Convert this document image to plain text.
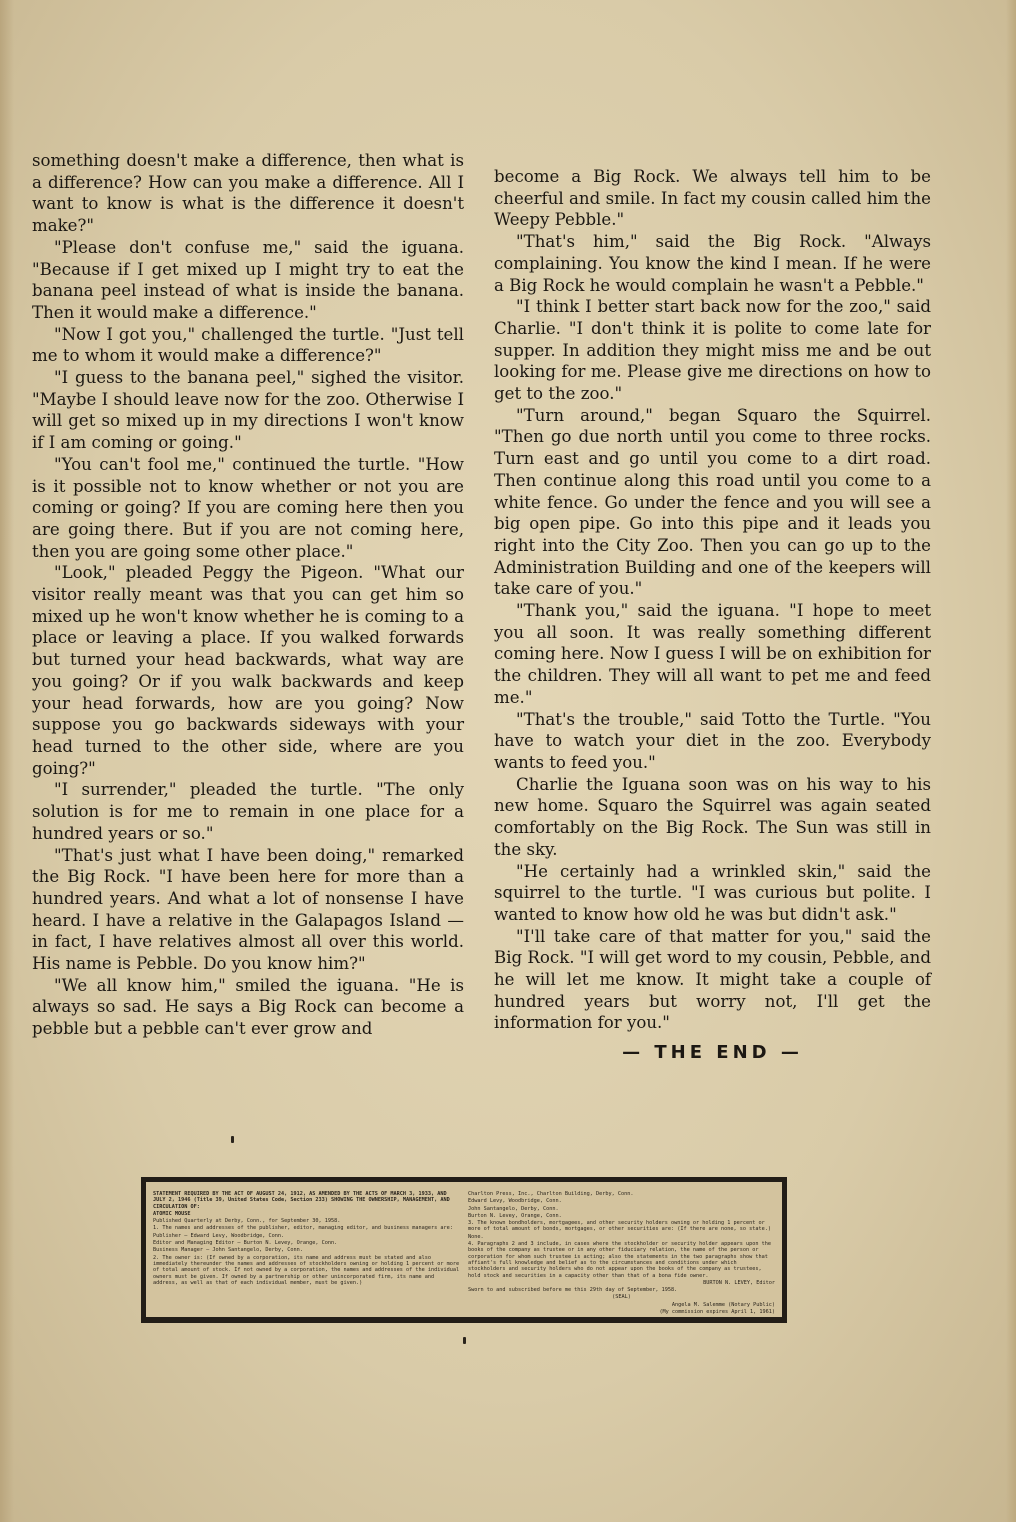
something doesn't make a difference, then what is a difference? How can you make a difference. All I want to know is what is the difference it doesn't make?"

"Please don't confuse me," said the iguana. "Because if I get mixed up I might try to eat the banana peel instead of what is inside the banana. Then it would make a difference."

"Now I got you," challenged the turtle. "Just tell me to whom it would make a difference?"

"I guess to the banana peel," sighed the visitor. "Maybe I should leave now for the zoo. Otherwise I will get so mixed up in my directions I won't know if I am coming or going."

"You can't fool me," continued the turtle. "How is it possible not to know whether or not you are coming or going? If you are coming here then you are going there. But if you are not coming here, then you are going some other place."

"Look," pleaded Peggy the Pigeon. "What our visitor really meant was that you can get him so mixed up he won't know whether he is coming to a place or leaving a place. If you walked forwards but turned your head backwards, what way are you going? Or if you walk backwards and keep your head forwards, how are you going? Now suppose you go backwards sideways with your head turned to the other side, where are you going?"

"I surrender," pleaded the turtle. "The only solution is for me to remain in one place for a hundred years or so."

"That's just what I have been doing," remarked the Big Rock. "I have been here for more than a hundred years. And what a lot of nonsense I have heard. I have a relative in the Galapagos Island — in fact, I have relatives almost all over this world. His name is Pebble. Do you know him?"

"We all know him," smiled the iguana. "He is always so sad. He says a Big Rock can become a pebble but a pebble can't ever grow and

become a Big Rock. We always tell him to be cheerful and smile. In fact my cousin called him the Weepy Pebble."

"That's him," said the Big Rock. "Always complaining. You know the kind I mean. If he were a Big Rock he would complain he wasn't a Pebble."

"I think I better start back now for the zoo," said Charlie. "I don't think it is polite to come late for supper. In addition they might miss me and be out looking for me. Please give me directions on how to get to the zoo."

"Turn around," began Squaro the Squirrel. "Then go due north until you come to three rocks. Turn east and go until you come to a dirt road. Then continue along this road until you come to a white fence. Go under the fence and you will see a big open pipe. Go into this pipe and it leads you right into the City Zoo. Then you can go up to the Administration Building and one of the keepers will take care of you."

"Thank you," said the iguana. "I hope to meet you all soon. It was really something different coming here. Now I guess I will be on exhibition for the children. They will all want to pet me and feed me."

"That's the trouble," said Totto the Turtle. "You have to watch your diet in the zoo. Everybody wants to feed you."

Charlie the Iguana soon was on his way to his new home. Squaro the Squirrel was again seated comfortably on the Big Rock. The Sun was still in the sky.

"He certainly had a wrinkled skin," said the squirrel to the turtle. "I was curious but polite. I wanted to know how old he was but didn't ask."

"I'll take care of that matter for you," said the Big Rock. "I will get word to my cousin, Pebble, and he will let me know. It might take a couple of hundred years but worry not, I'll get the information for you."

— THE END —

STATEMENT REQUIRED BY THE ACT OF AUGUST 24, 1912, AS AMENDED BY THE ACTS OF MARCH 3, 1933, AND JULY 2, 1946 (Title 39, United States Code, Section 233) SHOWING THE OWNERSHIP, MANAGEMENT, AND CIRCULATION OF:

ATOMIC MOUSE

Published Quarterly at Derby, Conn., for September 30, 1958.

1. The names and addresses of the publisher, editor, managing editor, and business managers are:

Publisher — Edward Levy, Woodbridge, Conn.

Editor and Managing Editor — Burton N. Levey, Orange, Conn.

Business Manager — John Santangelo, Derby, Conn.

2. The owner is: (If owned by a corporation, its name and address must be stated and also immediately thereunder the names and addresses of stockholders owning or holding 1 percent or more of total amount of stock. If not owned by a corporation, the names and addresses of the individual owners must be given. If owned by a partnership or other unincorporated firm, its name and address, as well as that of each individual member, must be given.)

Charlton Press, Inc., Charlton Building, Derby, Conn.

Edward Levy, Woodbridge, Conn.

John Santangelo, Derby, Conn.

Burton N. Levey, Orange, Conn.

3. The known bondholders, mortgagees, and other security holders owning or holding 1 percent or more of total amount of bonds, mortgages, or other securities are: (If there are none, so state.)

None.

4. Paragraphs 2 and 3 include, in cases where the stockholder or security holder appears upon the books of the company as trustee or in any other fiduciary relation, the name of the person or corporation for whom such trustee is acting; also the statements in the two paragraphs show that affiant's full knowledge and belief as to the circumstances and conditions under which stockholders and security holders who do not appear upon the books of the company as trustees, hold stock and securities in a capacity other than that of a bona fide owner.

BURTON N. LEVEY, Editor

Sworn to and subscribed before me this 29th day of September, 1958.

(SEAL)

Angela M. Salemme (Notary Public)

(My commission expires April 1, 1961)
